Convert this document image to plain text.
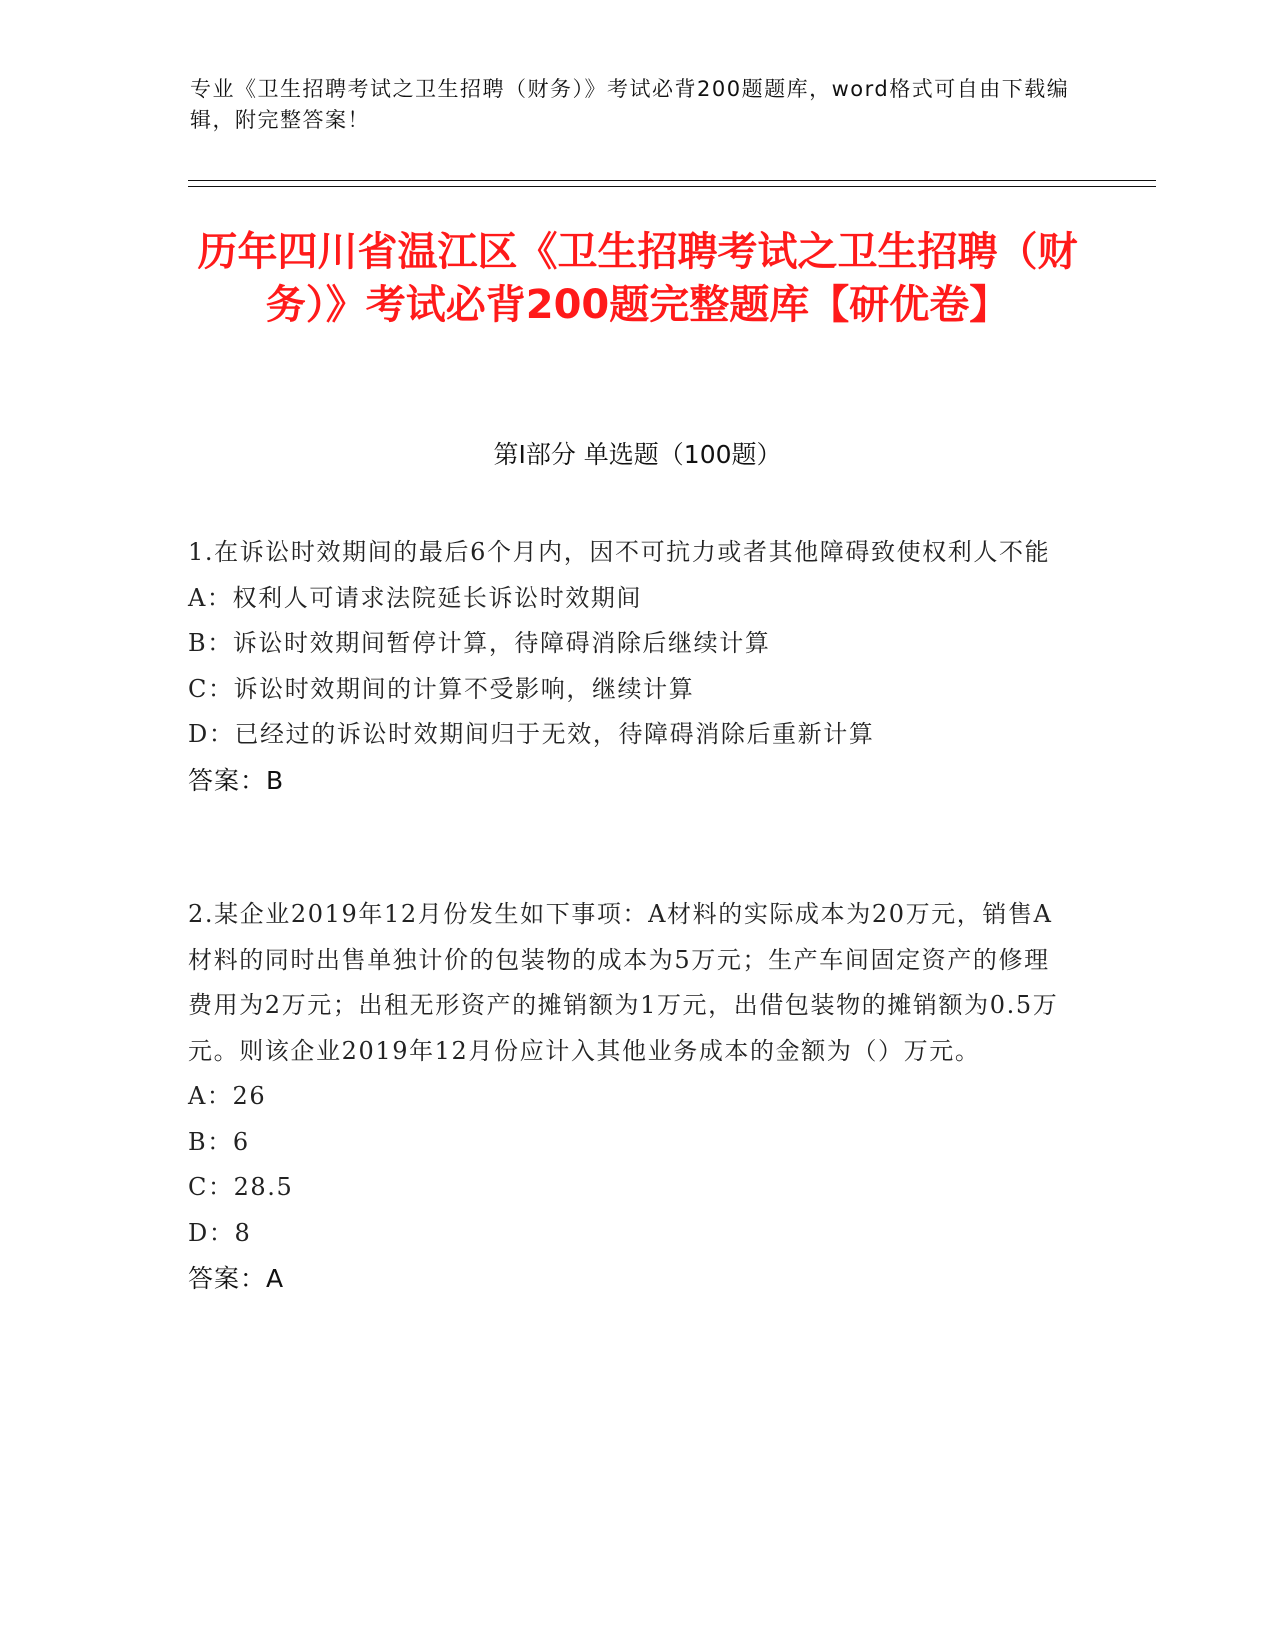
专业《卫生招聘考试之卫生招聘（财务）》考试必背200题题库，word格式可自由下载编辑，附完整答案！
历年四川省温江区《卫生招聘考试之卫生招聘（财务）》考试必背200题完整题库【研优卷】
第I部分 单选题（100题）

1.在诉讼时效期间的最后6个月内，因不可抗力或者其他障碍致使权利人不能

A：权利人可请求法院延长诉讼时效期间

B：诉讼时效期间暂停计算，待障碍消除后继续计算

C：诉讼时效期间的计算不受影响，继续计算

D：已经过的诉讼时效期间归于无效，待障碍消除后重新计算

答案：B

2.某企业2019年12月份发生如下事项：A材料的实际成本为20万元，销售A材料的同时出售单独计价的包装物的成本为5万元；生产车间固定资产的修理费用为2万元；出租无形资产的摊销额为1万元，出借包装物的摊销额为0.5万元。则该企业2019年12月份应计入其他业务成本的金额为（）万元。

A：26

B：6

C：28.5

D：8

答案：A
